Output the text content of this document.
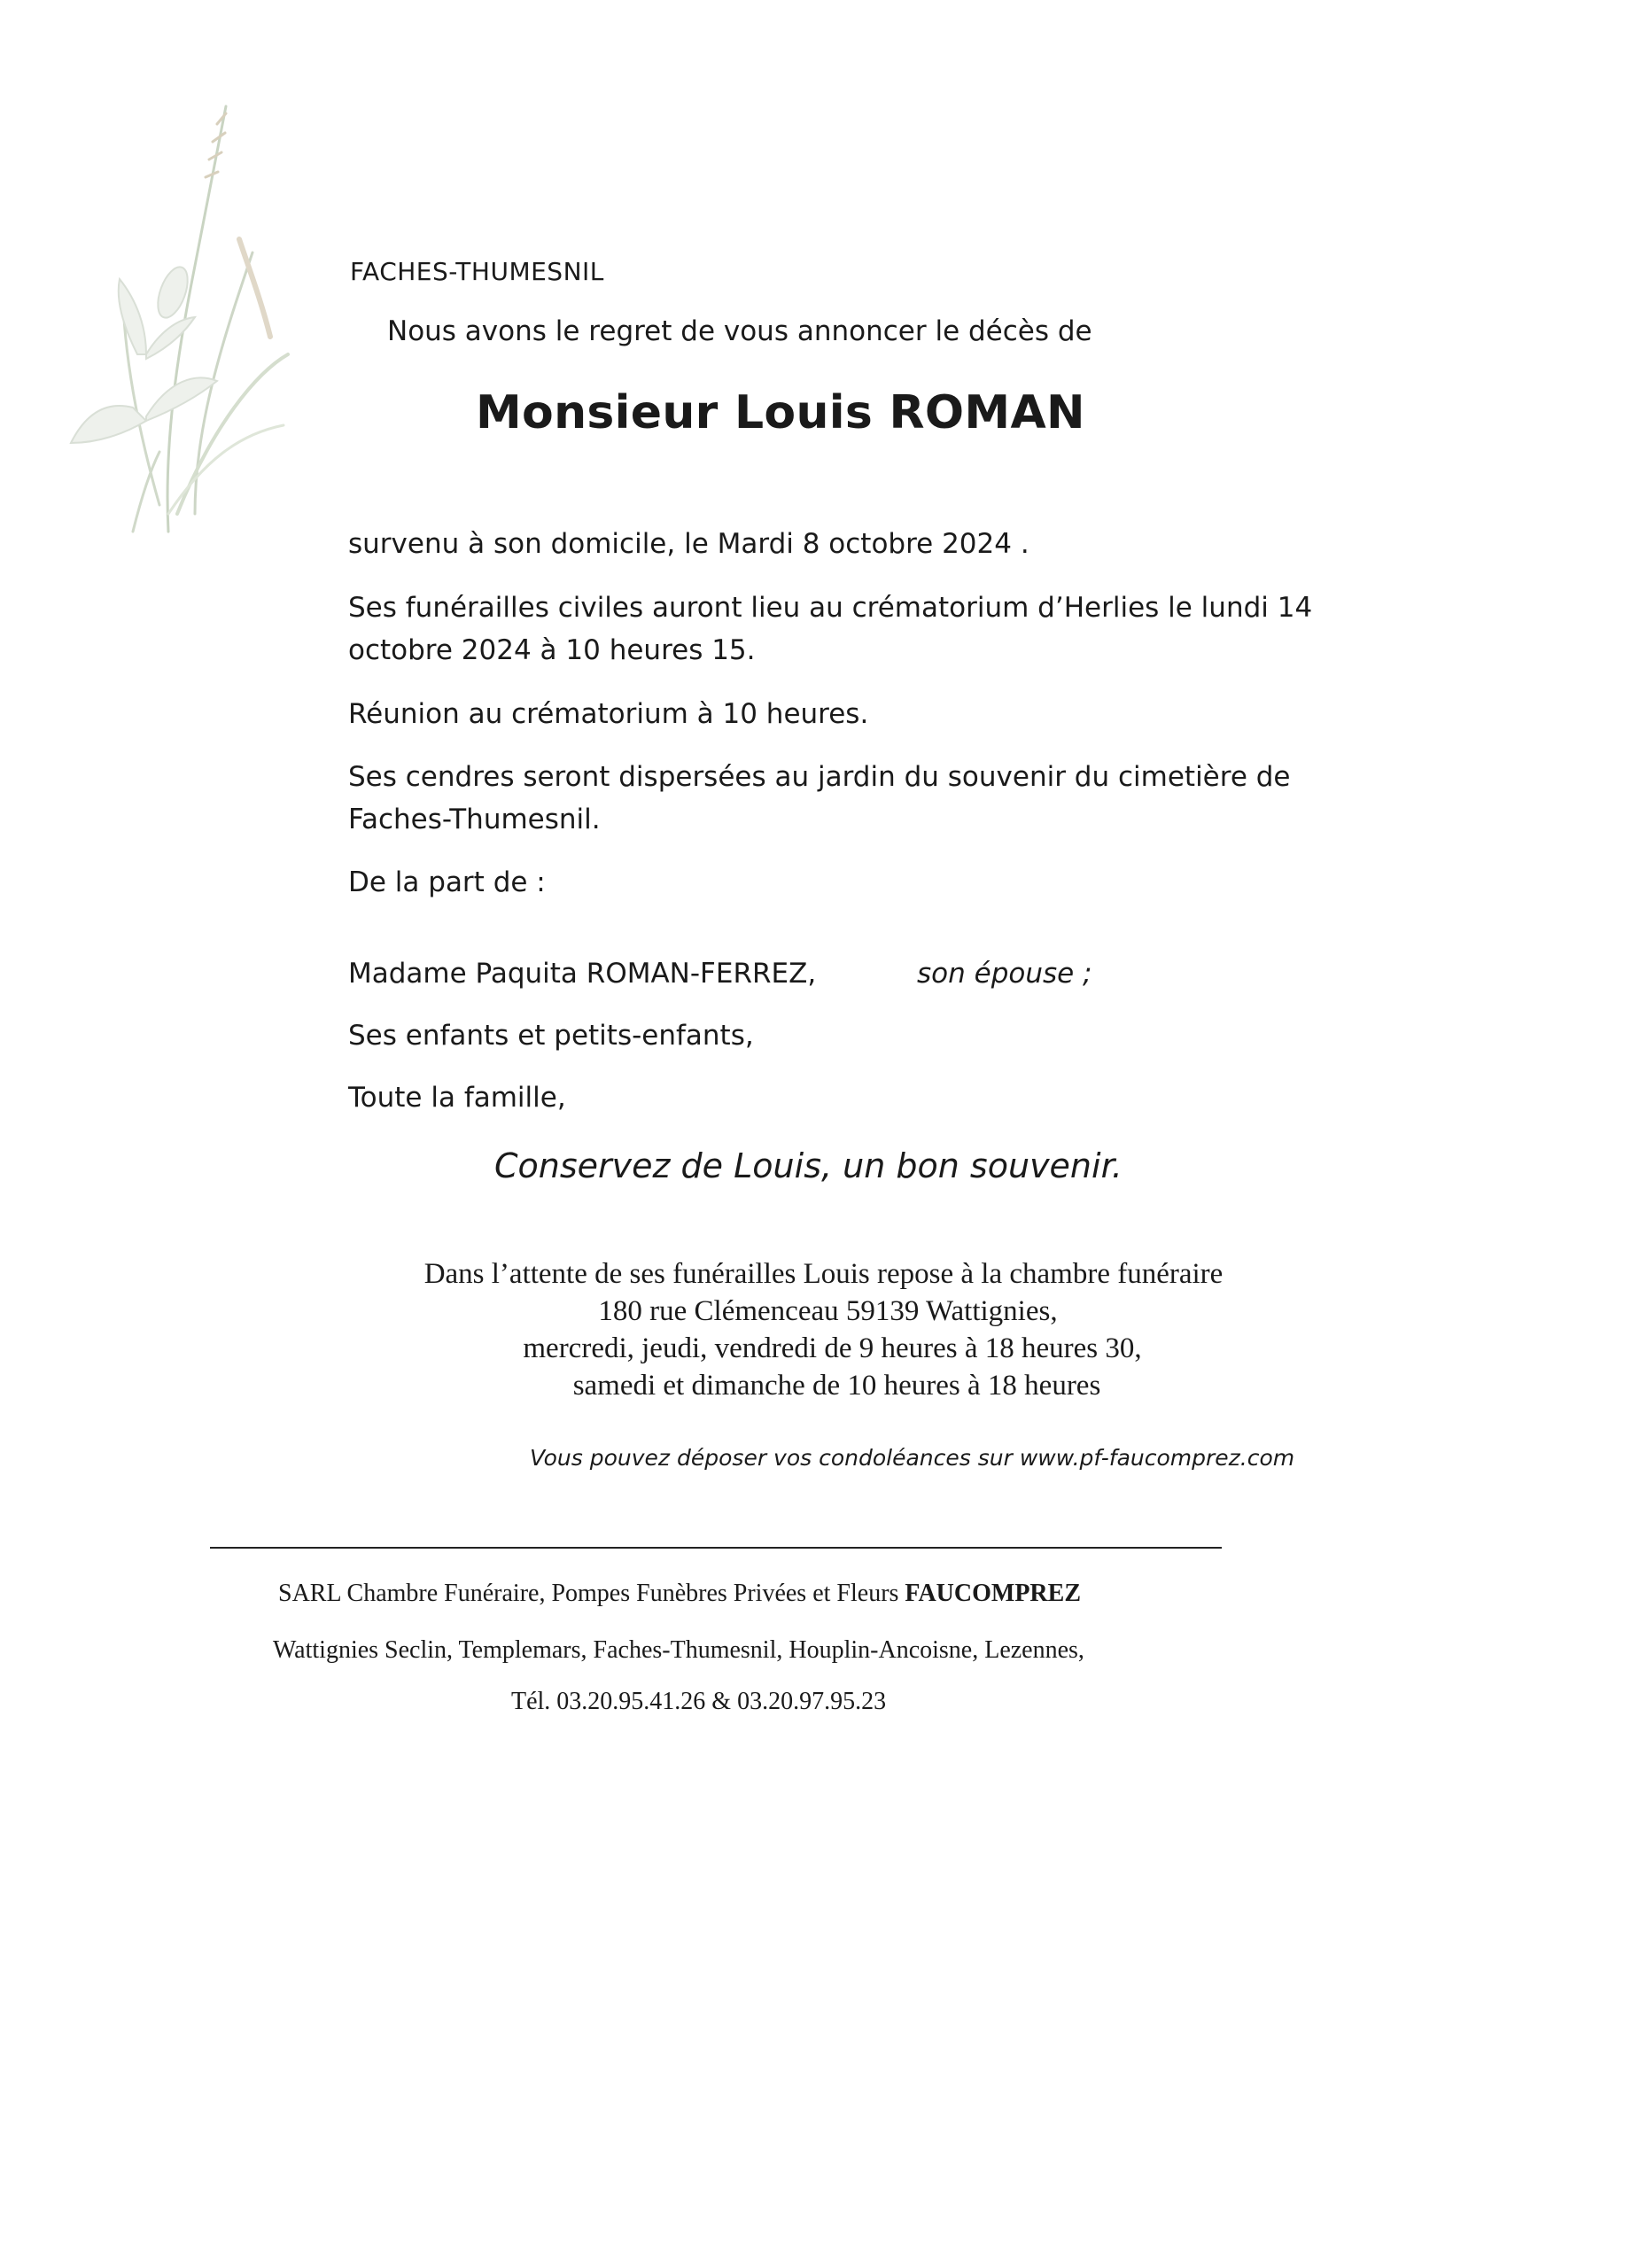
FACHES-THUMESNIL

Nous avons le regret de vous annoncer le décès de

Monsieur Louis ROMAN

survenu à son domicile, le Mardi 8 octobre 2024 .

Ses funérailles civiles auront lieu au crématorium d’Herlies le lundi 14
octobre 2024 à 10 heures 15.

Réunion au crématorium à 10 heures.

Ses cendres seront dispersées au jardin du souvenir du cimetière de
Faches-Thumesnil.

De la part de :

Madame Paquita ROMAN-FERREZ,	son épouse ;

Ses enfants et petits-enfants,

Toute la famille,

Conservez de Louis, un bon souvenir.

Dans l’attente de ses funérailles Louis repose à la chambre funéraire
180 rue Clémenceau 59139 Wattignies,
mercredi, jeudi, vendredi de 9 heures à 18 heures 30,
samedi et dimanche de 10 heures à 18 heures

Vous pouvez déposer vos condoléances sur www.pf-faucomprez.com

SARL Chambre Funéraire, Pompes Funèbres Privées et Fleurs FAUCOMPREZ

Wattignies Seclin, Templemars, Faches-Thumesnil, Houplin-Ancoisne, Lezennes,

Tél. 03.20.95.41.26 & 03.20.97.95.23
